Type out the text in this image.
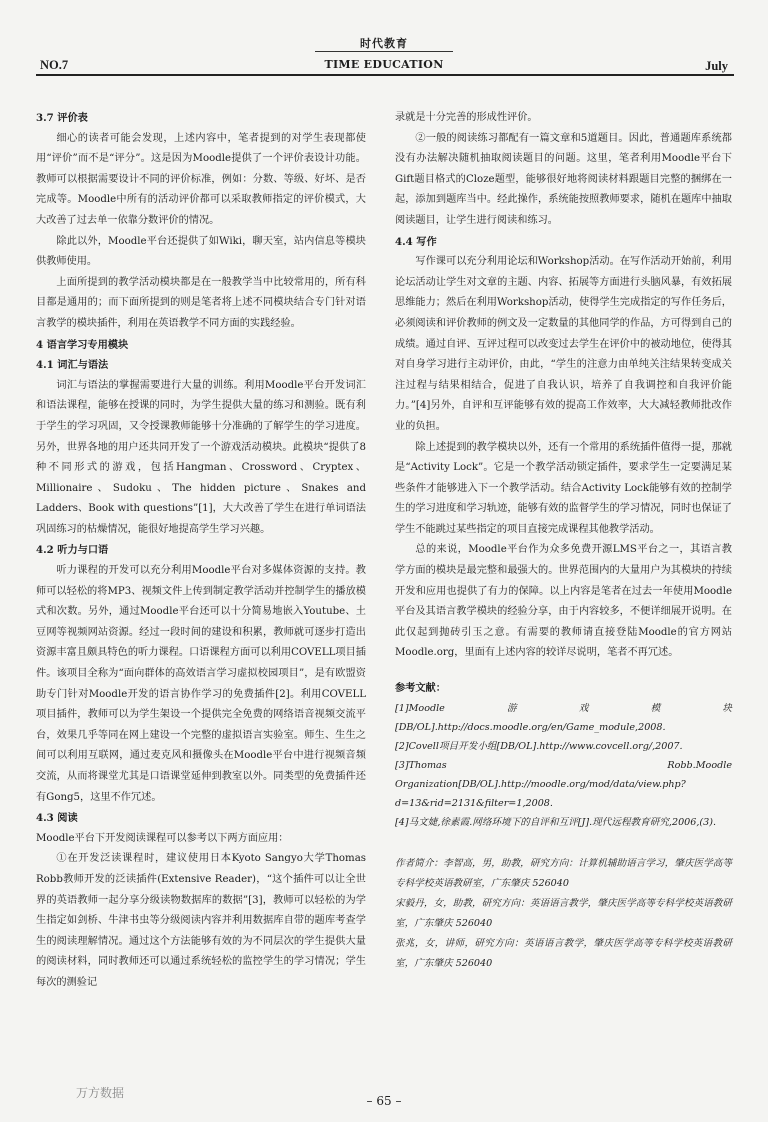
时代教育
NO.7	TIME EDUCATION	July

3.7 评价表

细心的读者可能会发现，上述内容中，笔者提到的对学生表现都使用“评价”而不是“评分”。这是因为Moodle提供了一个评价表设计功能。教师可以根据需要设计不同的评价标准，例如：分数、等级、好坏、是否完成等。Moodle中所有的活动评价都可以采取教师指定的评价模式，大大改善了过去单一依靠分数评价的情况。

除此以外，Moodle平台还提供了如Wiki，聊天室，站内信息等模块供教师使用。

上面所提到的教学活动模块都是在一般教学当中比较常用的，所有科目都是通用的；而下面所提到的则是笔者将上述不同模块结合专门针对语言教学的模块插件，利用在英语教学不同方面的实践经验。

4 语言学习专用模块

4.1 词汇与语法

词汇与语法的掌握需要进行大量的训练。利用Moodle平台开发词汇和语法课程，能够在授课的同时，为学生提供大量的练习和测验。既有利于学生的学习巩固，又令授课教师能够十分准确的了解学生的学习进度。另外，世界各地的用户还共同开发了一个游戏活动模块。此模块“提供了8种不同形式的游戏，包括Hangman、Crossword、Cryptex、Millionaire、Sudoku、The hidden picture、Snakes and Ladders、Book with questions”[1]，大大改善了学生在进行单词语法巩固练习的枯燥情况，能很好地提高学生学习兴趣。

4.2 听力与口语

听力课程的开发可以充分利用Moodle平台对多媒体资源的支持。教师可以轻松的将MP3、视频文件上传到制定教学活动并控制学生的播放模式和次数。另外，通过Moodle平台还可以十分简易地嵌入Youtube、土豆网等视频网站资源。经过一段时间的建设和积累，教师就可逐步打造出资源丰富且颇具特色的听力课程。口语课程方面可以利用COVELL项目插件。该项目全称为“面向群体的高效语言学习虚拟校园项目”，是有欧盟资助专门针对Moodle开发的语言协作学习的免费插件[2]。利用COVELL项目插件，教师可以为学生架设一个提供完全免费的网络语音视频交流平台，效果几乎等同在网上建设一个完整的虚拟语言实验室。师生、生生之间可以利用互联网，通过麦克风和摄像头在Moodle平台中进行视频音频交流，从而将课堂尤其是口语课堂延伸到教室以外。同类型的免费插件还有Gong5，这里不作冗述。

4.3 阅读

Moodle平台下开发阅读课程可以参考以下两方面应用：

①在开发泛读课程时，建议使用日本Kyoto Sangyo大学Thomas Robb教师开发的泛读插件(Extensive Reader)，“这个插件可以让全世界的英语教师一起分享分级读物数据库的数据”[3]，教师可以轻松的为学生指定如剑桥、牛津书虫等分级阅读内容并利用数据库自带的题库考查学生的阅读理解情况。通过这个方法能够有效的为不同层次的学生提供大量的阅读材料，同时教师还可以通过系统轻松的监控学生的学习情况；学生每次的测验记

录就是十分完善的形成性评价。

②一般的阅读练习都配有一篇文章和5道题目。因此，普通题库系统都没有办法解决随机抽取阅读题目的问题。这里，笔者利用Moodle平台下Gift题目格式的Cloze题型，能够很好地将阅读材料跟题目完整的捆绑在一起，添加到题库当中。经此操作，系统能按照教师要求，随机在题库中抽取阅读题目，让学生进行阅读和练习。

4.4 写作

写作课可以充分利用论坛和Workshop活动。在写作活动开始前，利用论坛活动让学生对文章的主题、内容、拓展等方面进行头脑风暴，有效拓展思维能力；然后在利用Workshop活动，使得学生完成指定的写作任务后，必须阅读和评价教师的例文及一定数量的其他同学的作品，方可得到自己的成绩。通过自评、互评过程可以改变过去学生在评价中的被动地位，使得其对自身学习进行主动评价，由此，“学生的注意力由单纯关注结果转变成关注过程与结果相结合，促进了自我认识，培养了自我调控和自我评价能力。”[4]另外，自评和互评能够有效的提高工作效率，大大减轻教师批改作业的负担。

除上述提到的教学模块以外，还有一个常用的系统插件值得一提，那就是“Activity Lock”。它是一个教学活动锁定插件，要求学生一定要满足某些条件才能够进入下一个教学活动。结合Activity Lock能够有效的控制学生的学习进度和学习轨迹，能够有效的监督学生的学习情况，同时也保证了学生不能跳过某些指定的项目直接完成课程其他教学活动。

总的来说，Moodle平台作为众多免费开源LMS平台之一，其语言教学方面的模块是最完整和最强大的。世界范围内的大量用户为其模块的持续开发和应用也提供了有力的保障。以上内容是笔者在过去一年使用Moodle平台及其语言教学模块的经验分享，由于内容较多，不便详细展开说明。在此仅起到抛砖引玉之意。有需要的教师请直接登陆Moodle的官方网站Moodle.org，里面有上述内容的较详尽说明，笔者不再冗述。

参考文献：

[1]Moodle游戏模块[DB/OL].http://docs.moodle.org/en/Game_module,2008.

[2]Covell项目开发小组[DB/OL].http://www.covcell.org/,2007.

[3]Thomas Robb.Moodle Organization[DB/OL].http://moodle.org/mod/data/view.php?d=13&rid=2131&filter=1,2008.

[4]马文婕,徐素霞.网络环境下的自评和互评[J].现代远程教育研究,2006,(3).

作者简介：李智高，男，助教，研究方向：计算机辅助语言学习，肇庆医学高等专科学校英语教研室，广东肇庆 526040

宋毅丹，女，助教，研究方向：英语语言教学，肇庆医学高等专科学校英语教研室，广东肇庆 526040

张兆，女，讲师，研究方向：英语语言教学，肇庆医学高等专科学校英语教研室，广东肇庆 526040

万方数据
– 65 –
